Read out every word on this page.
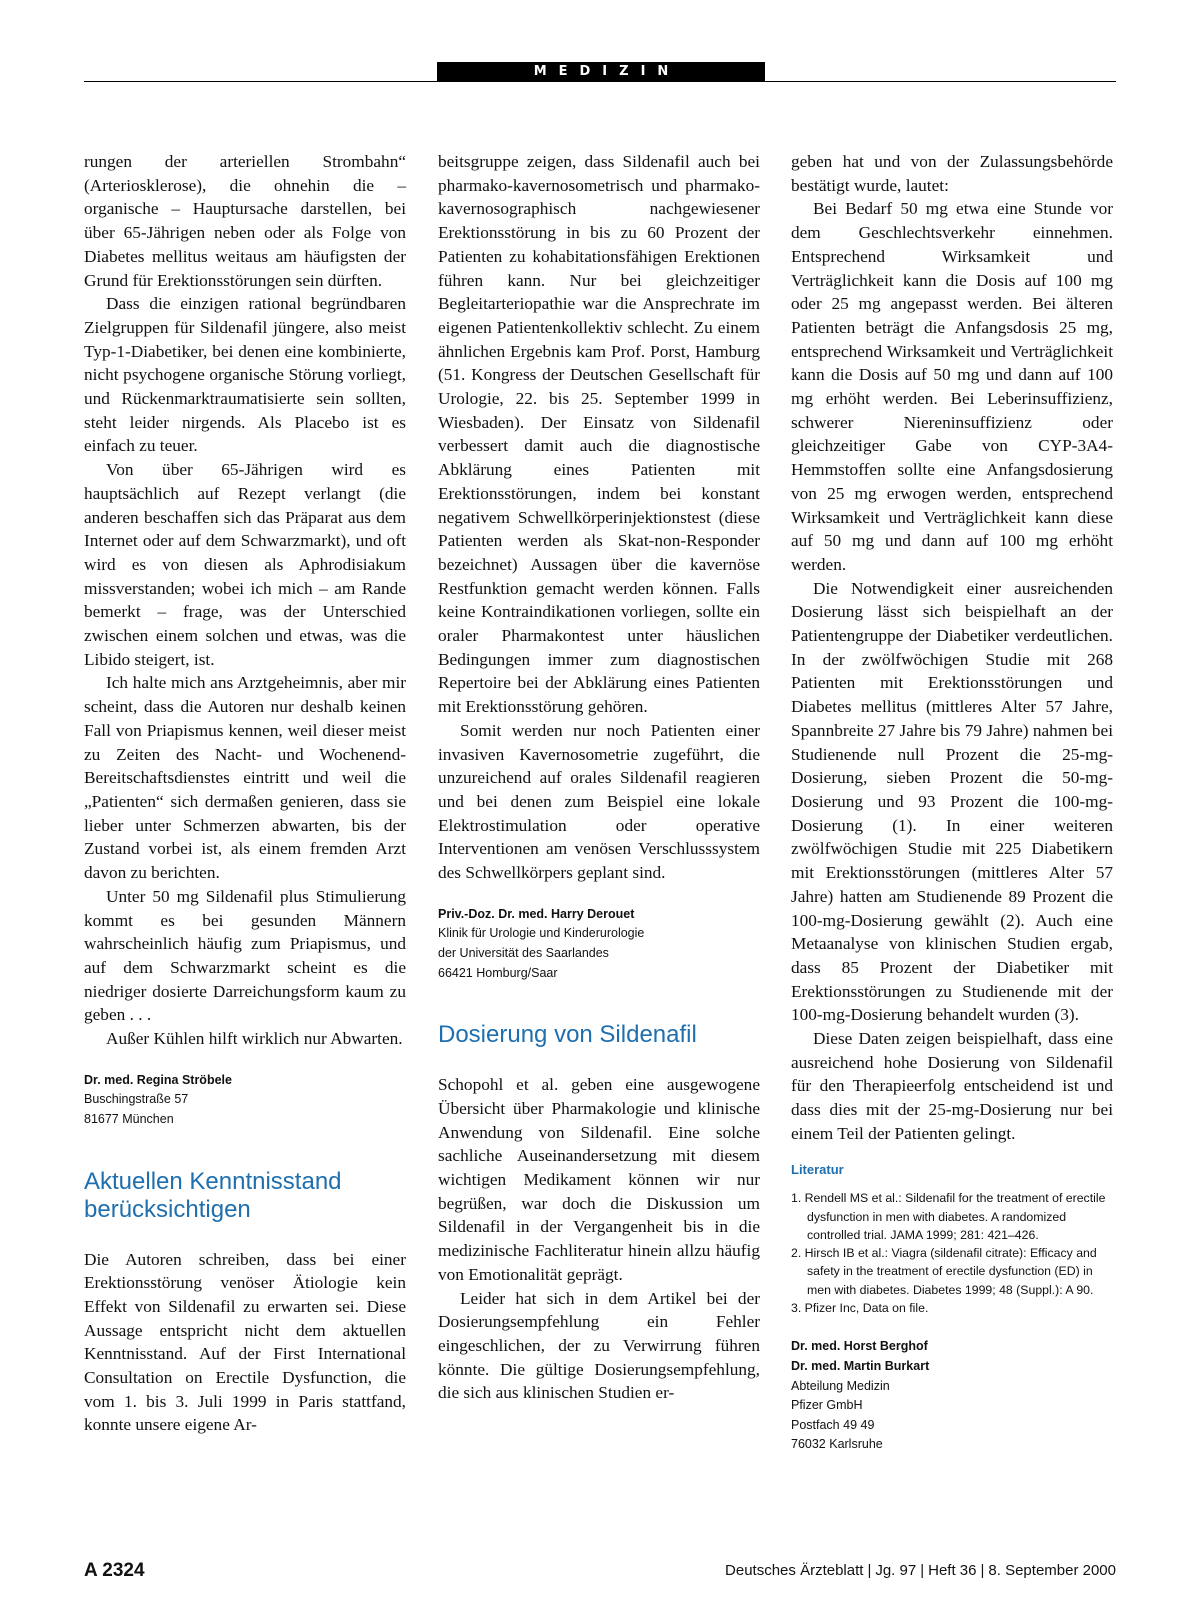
MEDIZIN

rungen der arteriellen Strombahn“ (Arteriosklerose), die ohnehin die – organische – Hauptursache darstellen, bei über 65-Jährigen neben oder als Folge von Diabetes mellitus weitaus am häufigsten der Grund für Erektionsstörungen sein dürften.

Dass die einzigen rational begründbaren Zielgruppen für Sildenafil jüngere, also meist Typ-1-Diabetiker, bei denen eine kombinierte, nicht psychogene organische Störung vorliegt, und Rückenmarktraumatisierte sein sollten, steht leider nirgends. Als Placebo ist es einfach zu teuer.

Von über 65-Jährigen wird es hauptsächlich auf Rezept verlangt (die anderen beschaffen sich das Präparat aus dem Internet oder auf dem Schwarzmarkt), und oft wird es von diesen als Aphrodisiakum missverstanden; wobei ich mich – am Rande bemerkt – frage, was der Unterschied zwischen einem solchen und etwas, was die Libido steigert, ist.

Ich halte mich ans Arztgeheimnis, aber mir scheint, dass die Autoren nur deshalb keinen Fall von Priapismus kennen, weil dieser meist zu Zeiten des Nacht- und Wochenend-Bereitschaftsdienstes eintritt und weil die „Patienten“ sich dermaßen genieren, dass sie lieber unter Schmerzen abwarten, bis der Zustand vorbei ist, als einem fremden Arzt davon zu berichten.

Unter 50 mg Sildenafil plus Stimulierung kommt es bei gesunden Männern wahrscheinlich häufig zum Priapismus, und auf dem Schwarzmarkt scheint es die niedriger dosierte Darreichungsform kaum zu geben . . .

Außer Kühlen hilft wirklich nur Abwarten.

Dr. med. Regina Ströbele
Buschingstraße 57
81677 München
Aktuellen Kenntnisstand berücksichtigen

Die Autoren schreiben, dass bei einer Erektionsstörung venöser Ätiologie kein Effekt von Sildenafil zu erwarten sei. Diese Aussage entspricht nicht dem aktuellen Kenntnisstand. Auf der First International Consultation on Erectile Dysfunction, die vom 1. bis 3. Juli 1999 in Paris stattfand, konnte unsere eigene Ar-

beitsgruppe zeigen, dass Sildenafil auch bei pharmako-kavernosometrisch und pharmako-kavernosographisch nachgewiesener Erektionsstörung in bis zu 60 Prozent der Patienten zu kohabitationsfähigen Erektionen führen kann. Nur bei gleichzeitiger Begleitarteriopathie war die Ansprechrate im eigenen Patientenkollektiv schlecht. Zu einem ähnlichen Ergebnis kam Prof. Porst, Hamburg (51. Kongress der Deutschen Gesellschaft für Urologie, 22. bis 25. September 1999 in Wiesbaden). Der Einsatz von Sildenafil verbessert damit auch die diagnostische Abklärung eines Patienten mit Erektionsstörungen, indem bei konstant negativem Schwellkörperinjektionstest (diese Patienten werden als Skat-non-Responder bezeichnet) Aussagen über die kavernöse Restfunktion gemacht werden können. Falls keine Kontraindikationen vorliegen, sollte ein oraler Pharmakontest unter häuslichen Bedingungen immer zum diagnostischen Repertoire bei der Abklärung eines Patienten mit Erektionsstörung gehören.

Somit werden nur noch Patienten einer invasiven Kavernosometrie zugeführt, die unzureichend auf orales Sildenafil reagieren und bei denen zum Beispiel eine lokale Elektrostimulation oder operative Interventionen am venösen Verschlusssystem des Schwellkörpers geplant sind.

Priv.-Doz. Dr. med. Harry Derouet
Klinik für Urologie und Kinderurologie
der Universität des Saarlandes
66421 Homburg/Saar
Dosierung von Sildenafil

Schopohl et al. geben eine ausgewogene Übersicht über Pharmakologie und klinische Anwendung von Sildenafil. Eine solche sachliche Auseinandersetzung mit diesem wichtigen Medikament können wir nur begrüßen, war doch die Diskussion um Sildenafil in der Vergangenheit bis in die medizinische Fachliteratur hinein allzu häufig von Emotionalität geprägt.

Leider hat sich in dem Artikel bei der Dosierungsempfehlung ein Fehler eingeschlichen, der zu Verwirrung führen könnte. Die gültige Dosierungsempfehlung, die sich aus klinischen Studien er-

geben hat und von der Zulassungsbehörde bestätigt wurde, lautet:

Bei Bedarf 50 mg etwa eine Stunde vor dem Geschlechtsverkehr einnehmen. Entsprechend Wirksamkeit und Verträglichkeit kann die Dosis auf 100 mg oder 25 mg angepasst werden. Bei älteren Patienten beträgt die Anfangsdosis 25 mg, entsprechend Wirksamkeit und Verträglichkeit kann die Dosis auf 50 mg und dann auf 100 mg erhöht werden. Bei Leberinsuffizienz, schwerer Niereninsuffizienz oder gleichzeitiger Gabe von CYP-3A4-Hemmstoffen sollte eine Anfangsdosierung von 25 mg erwogen werden, entsprechend Wirksamkeit und Verträglichkeit kann diese auf 50 mg und dann auf 100 mg erhöht werden.

Die Notwendigkeit einer ausreichenden Dosierung lässt sich beispielhaft an der Patientengruppe der Diabetiker verdeutlichen. In der zwölfwöchigen Studie mit 268 Patienten mit Erektionsstörungen und Diabetes mellitus (mittleres Alter 57 Jahre, Spannbreite 27 Jahre bis 79 Jahre) nahmen bei Studienende null Prozent die 25-mg-Dosierung, sieben Prozent die 50-mg-Dosierung und 93 Prozent die 100-mg-Dosierung (1). In einer weiteren zwölfwöchigen Studie mit 225 Diabetikern mit Erektionsstörungen (mittleres Alter 57 Jahre) hatten am Studienende 89 Prozent die 100-mg-Dosierung gewählt (2). Auch eine Metaanalyse von klinischen Studien ergab, dass 85 Prozent der Diabetiker mit Erektionsstörungen zu Studienende mit der 100-mg-Dosierung behandelt wurden (3).

Diese Daten zeigen beispielhaft, dass eine ausreichend hohe Dosierung von Sildenafil für den Therapieerfolg entscheidend ist und dass dies mit der 25-mg-Dosierung nur bei einem Teil der Patienten gelingt.

Literatur
1. Rendell MS et al.: Sildenafil for the treatment of erectile dysfunction in men with diabetes. A randomized controlled trial. JAMA 1999; 281: 421–426.
2. Hirsch IB et al.: Viagra (sildenafil citrate): Efficacy and safety in the treatment of erectile dysfunction (ED) in men with diabetes. Diabetes 1999; 48 (Suppl.): A 90.
3. Pfizer Inc, Data on file.
Dr. med. Horst Berghof
Dr. med. Martin Burkart
Abteilung Medizin
Pfizer GmbH
Postfach 49 49
76032 Karlsruhe
A 2324	Deutsches Ärzteblatt | Jg. 97 | Heft 36 | 8. September 2000
